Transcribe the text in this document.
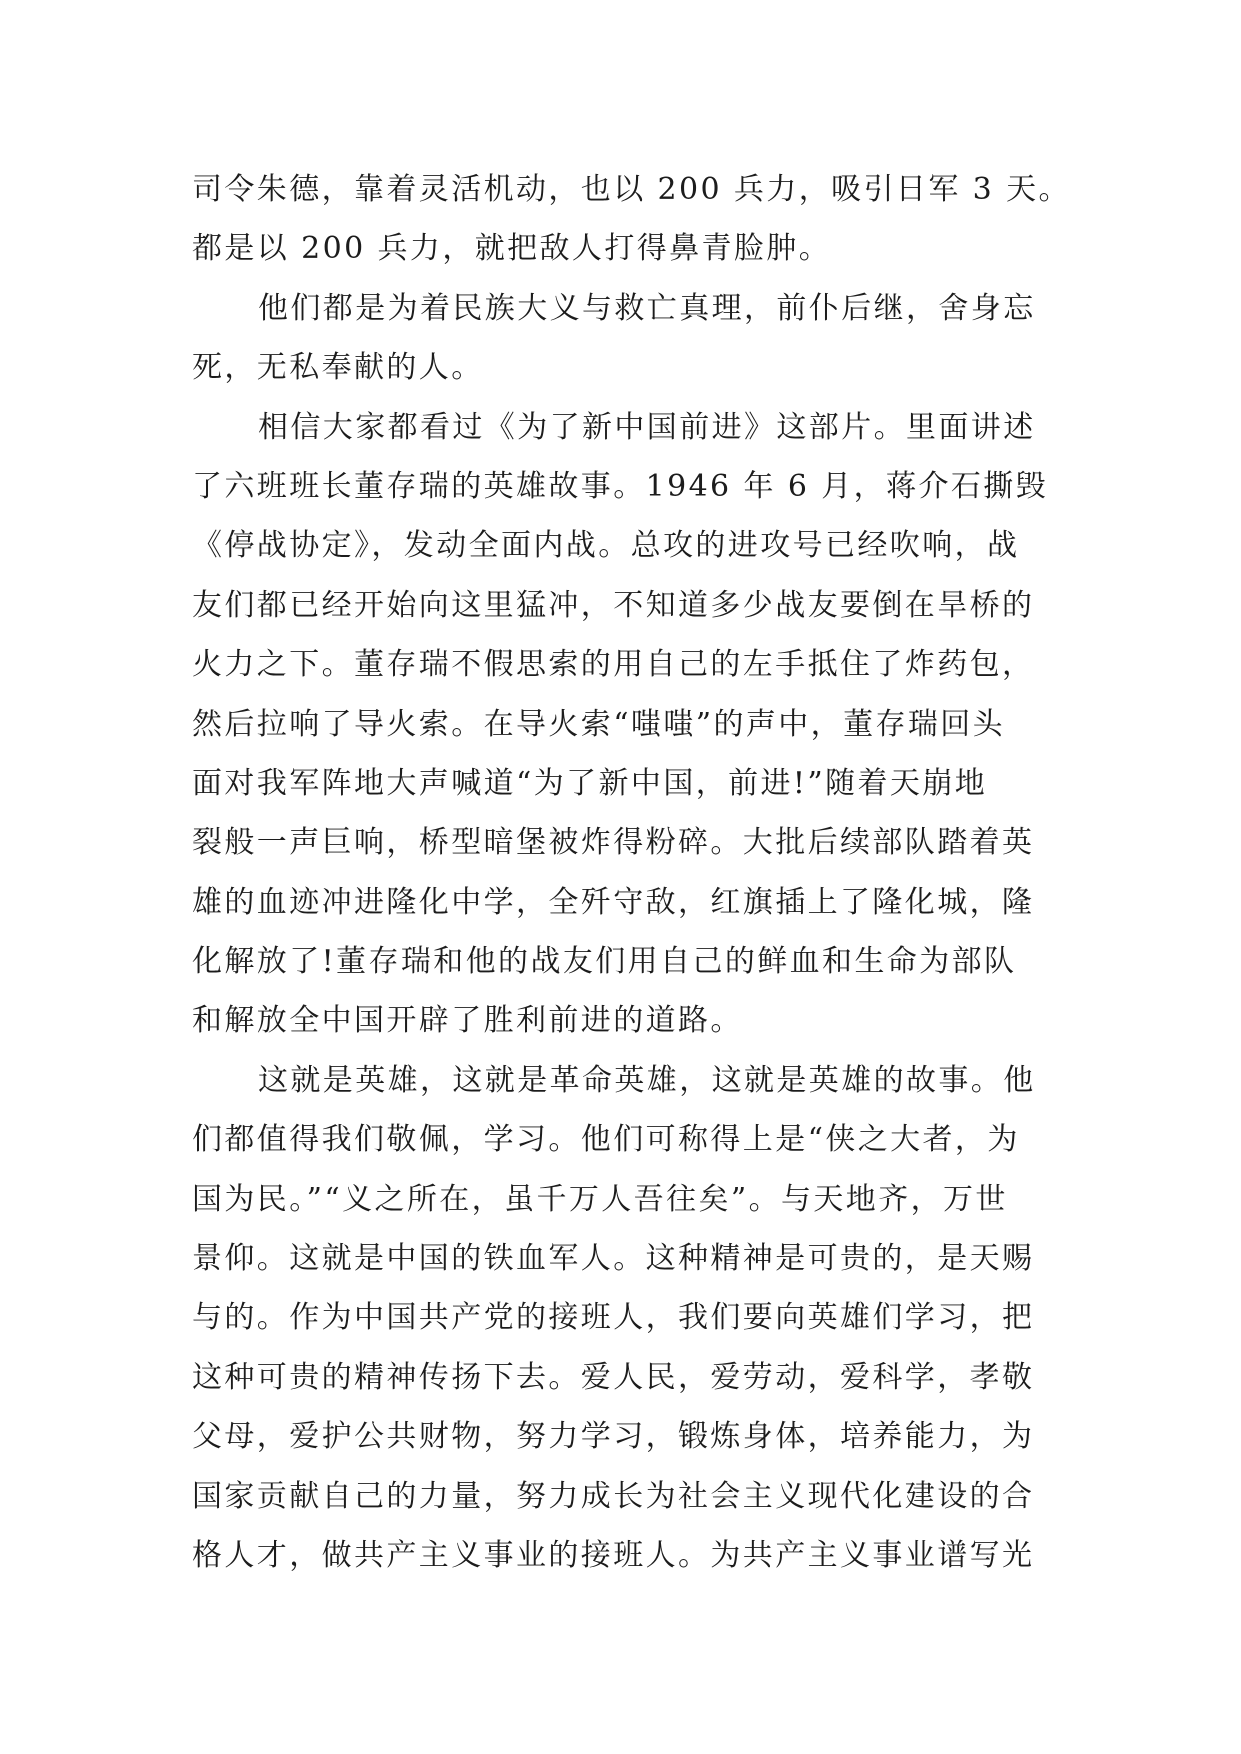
司令朱德，靠着灵活机动，也以 200 兵力，吸引日军 3 天。
都是以 200 兵力，就把敌人打得鼻青脸肿。
他们都是为着民族大义与救亡真理，前仆后继，舍身忘
死，无私奉献的人。
相信大家都看过《为了新中国前进》这部片。里面讲述
了六班班长董存瑞的英雄故事。1946 年 6 月，蒋介石撕毁
《停战协定》，发动全面内战。总攻的进攻号已经吹响，战
友们都已经开始向这里猛冲，不知道多少战友要倒在旱桥的
火力之下。董存瑞不假思索的用自己的左手抵住了炸药包，
然后拉响了导火索。在导火索“嗤嗤”的声中，董存瑞回头
面对我军阵地大声喊道“为了新中国，前进!”随着天崩地
裂般一声巨响，桥型暗堡被炸得粉碎。大批后续部队踏着英
雄的血迹冲进隆化中学，全歼守敌，红旗插上了隆化城，隆
化解放了!董存瑞和他的战友们用自己的鲜血和生命为部队
和解放全中国开辟了胜利前进的道路。
这就是英雄，这就是革命英雄，这就是英雄的故事。他
们都值得我们敬佩，学习。他们可称得上是“侠之大者，为
国为民。”“义之所在，虽千万人吾往矣”。与天地齐，万世
景仰。这就是中国的铁血军人。这种精神是可贵的，是天赐
与的。作为中国共产党的接班人，我们要向英雄们学习，把
这种可贵的精神传扬下去。爱人民，爱劳动，爱科学，孝敬
父母，爱护公共财物，努力学习，锻炼身体，培养能力，为
国家贡献自己的力量，努力成长为社会主义现代化建设的合
格人才，做共产主义事业的接班人。为共产主义事业谱写光
